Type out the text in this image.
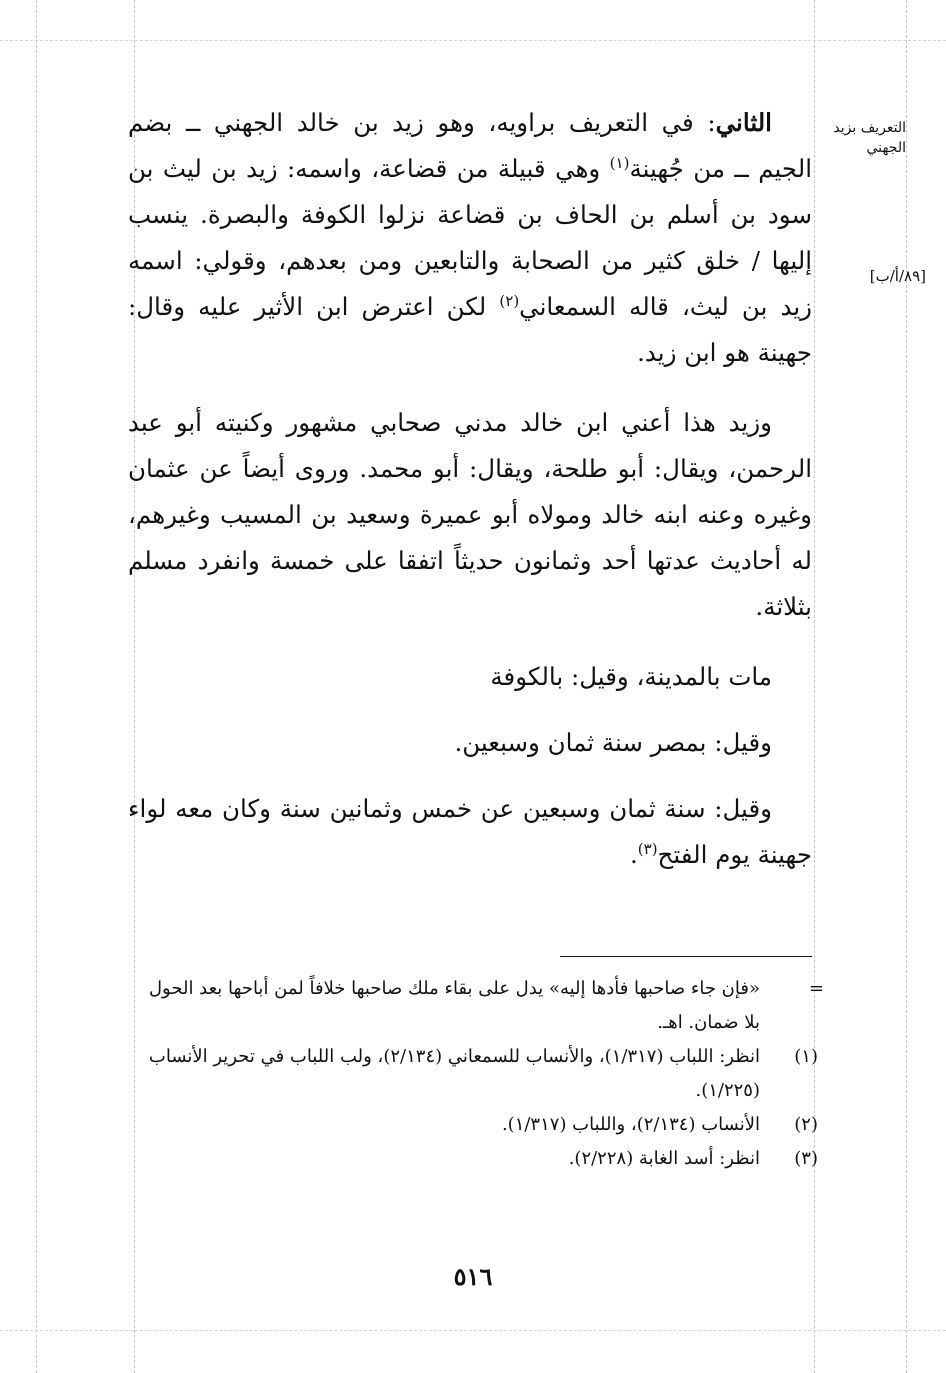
التعريف بزيد الجهني
[٨٩/أ/ب]

الثاني: في التعريف براويه، وهو زيد بن خالد الجهني ــ بضم الجيم ــ من جُهينة$^{(١)}$ وهي قبيلة من قضاعة، واسمه: زيد بن ليث بن سود بن أسلم بن الحاف بن قضاعة نزلوا الكوفة والبصرة. ينسب إليها / خلق كثير من الصحابة والتابعين ومن بعدهم، وقولي: اسمه زيد بن ليث، قاله السمعاني$^{(٢)}$ لكن اعترض ابن الأثير عليه وقال: جهينة هو ابن زيد.

وزيد هذا أعني ابن خالد مدني صحابي مشهور وكنيته أبو عبد الرحمن، ويقال: أبو طلحة، ويقال: أبو محمد. وروى أيضاً عن عثمان وغيره وعنه ابنه خالد ومولاه أبو عميرة وسعيد بن المسيب وغيرهم، له أحاديث عدتها أحد وثمانون حديثاً اتفقا على خمسة وانفرد مسلم بثلاثة.

مات بالمدينة، وقيل: بالكوفة

وقيل: بمصر سنة ثمان وسبعين.

وقيل: سنة ثمان وسبعين عن خمس وثمانين سنة وكان معه لواء جهينة يوم الفتح$^{(٣)}$.

=
«فإن جاء صاحبها فأدها إليه» يدل على بقاء ملك صاحبها خلافاً لمن أباحها بعد الحول بلا ضمان. اهـ.
(١)
انظر: اللباب (١/٣١٧)، والأنساب للسمعاني (٢/١٣٤)، ولب اللباب في تحرير الأنساب (١/٢٢٥).
(٢)
الأنساب (٢/١٣٤)، واللباب (١/٣١٧).
(٣)
انظر: أسد الغابة (٢/٢٢٨).
٥١٦
